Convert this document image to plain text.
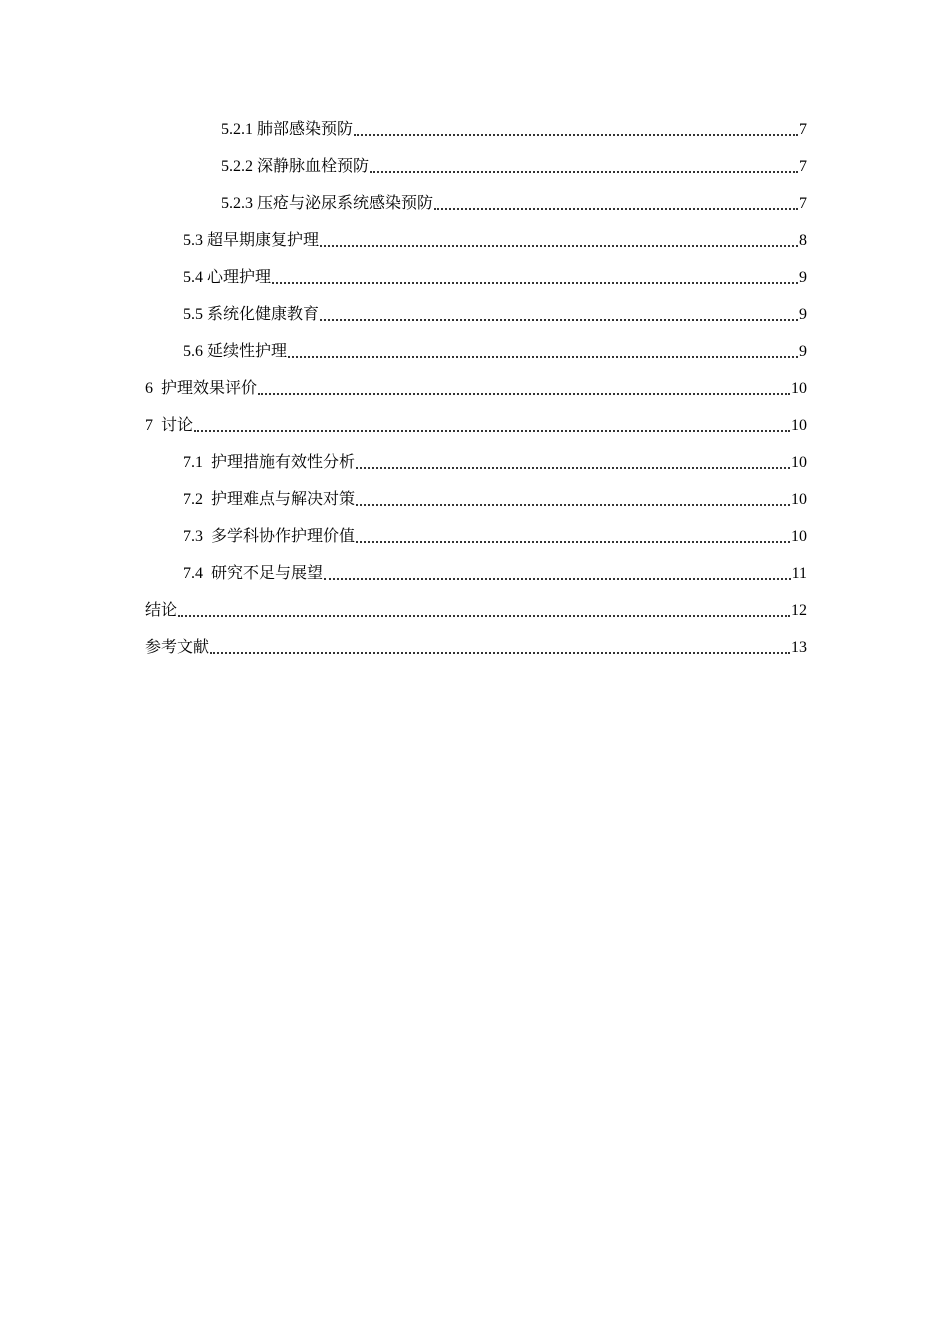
5.2.1 肺部感染预防	7
5.2.2 深静脉血栓预防	7
5.2.3 压疮与泌尿系统感染预防	7
5.3 超早期康复护理	8
5.4 心理护理	9
5.5 系统化健康教育	9
5.6 延续性护理	9
6  护理效果评价	10
7  讨论	10
7.1  护理措施有效性分析	10
7.2  护理难点与解决对策	10
7.3  多学科协作护理价值	10
7.4  研究不足与展望	11
结论	12
参考文献	13
